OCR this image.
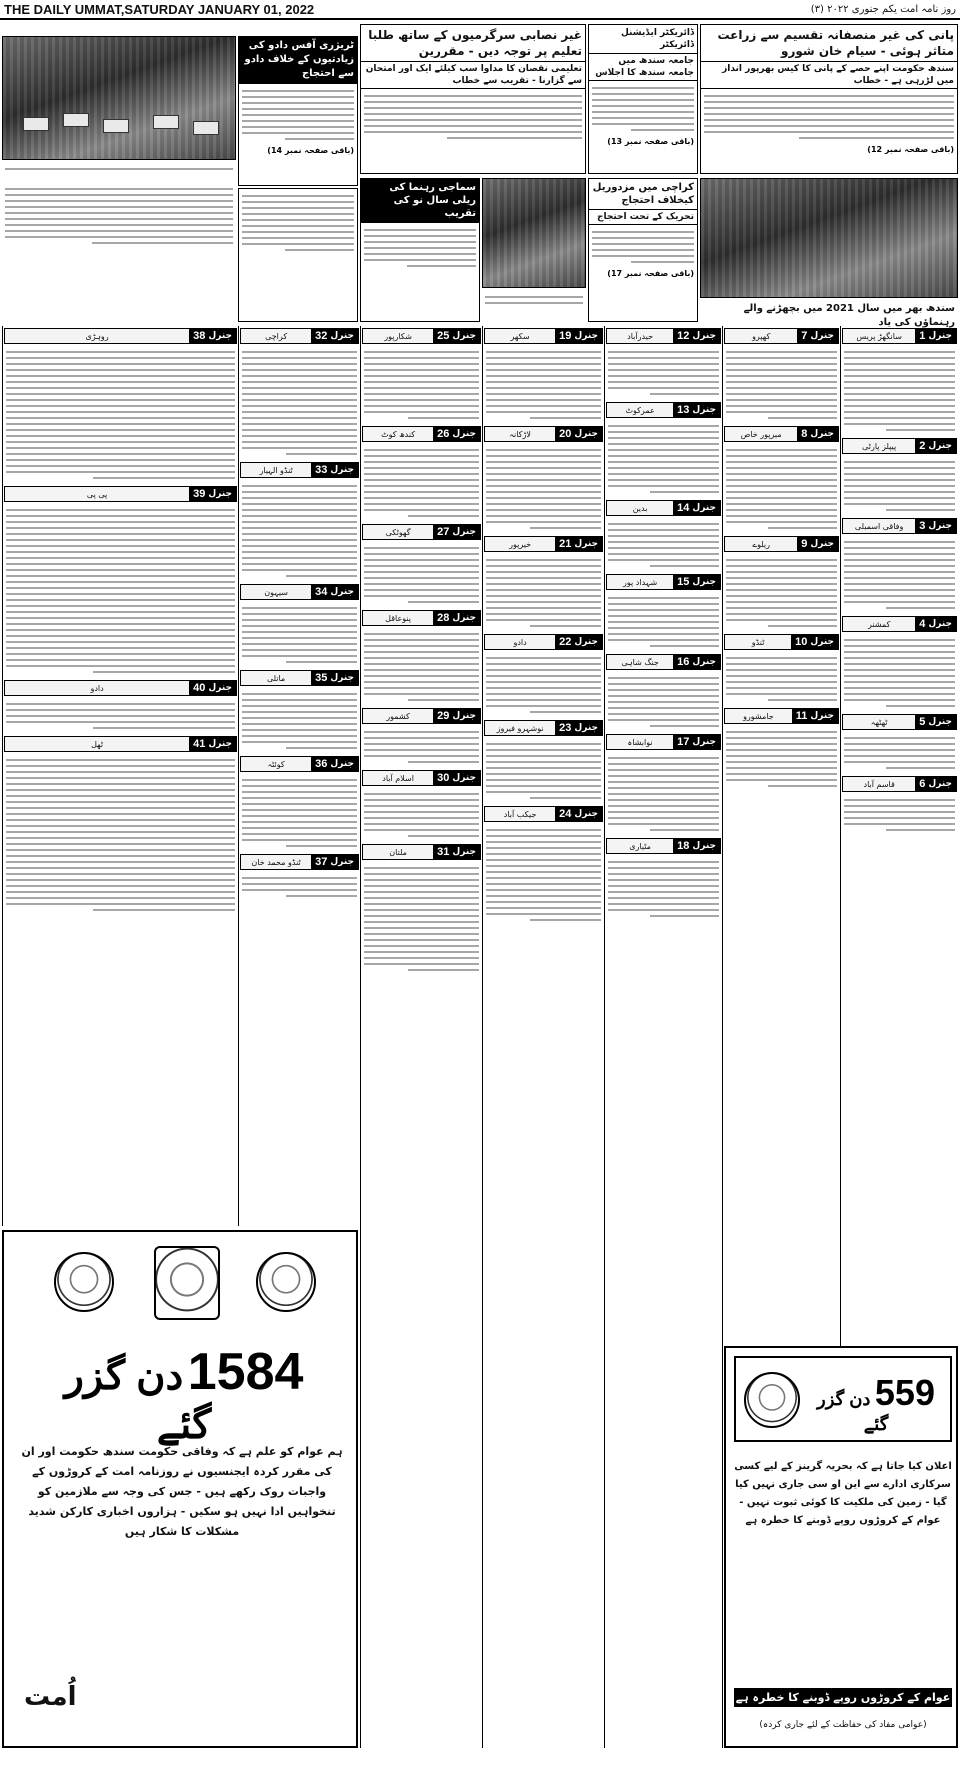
THE DAILY UMMAT,SATURDAY JANUARY 01, 2022	روز نامہ امت یکم جنوری ۲۰۲۲ (۳)
پانی کی غیر منصفانہ تقسیم سے زراعت متاثر ہوئی - سیام خان شورو
سندھ حکومت اپنے حصے کے پانی کا کیس بھرپور انداز میں لڑرہی ہے - خطاب
(باقی صفحہ نمبر 12)
ڈائریکٹر ایڈیشنل ڈائریکٹر
جامعہ سندھ میں جامعہ سندھ کا اجلاس
(باقی صفحہ نمبر 13)
غیر نصابی سرگرمیوں کے ساتھ طلبا تعلیم پر توجہ دیں - مقررین
تعلیمی نقصان کا مداوا سب کیلئے ایک اور امتحان سے گزارنا - تقریب سے خطاب
ٹریژری آفس دادو کی زیادتیوں کے خلاف دادو سے احتجاج
(باقی صفحہ نمبر 14)
سندھ بھر میں سال 2021 میں بچھڑنے والے رہنماؤں کی یاد
کراچی میں مزدوریل کیخلاف احتجاج
تحریک کے تحت احتجاج
(باقی صفحہ نمبر 17)
سماجی رہنما کی ریلی سال نو کی تقریب
جنرل
1
سانگھڑ پریس
جنرل
2
پیپلز پارٹی
جنرل
3
وفاقی اسمبلی
جنرل
4
کمشنر
جنرل
5
ٹھٹھہ
جنرل
6
قاسم آباد
جنرل
7
کھپرو
جنرل
8
میرپور خاص
جنرل
9
ریلوے
جنرل
10
ٹنڈو
جنرل
11
جامشورو
جنرل
12
حیدرآباد
جنرل
13
عمرکوٹ
جنرل
14
بدین
جنرل
15
شہداد پور
جنرل
16
جنگ شاہی
جنرل
17
نوابشاہ
جنرل
18
مٹیاری
جنرل
19
سکھر
جنرل
20
لاڑکانہ
جنرل
21
خیرپور
جنرل
22
دادو
جنرل
23
نوشہرو فیروز
جنرل
24
جیکب آباد
جنرل
25
شکارپور
جنرل
26
کندھ کوٹ
جنرل
27
گھوٹکی
جنرل
28
پنوعاقل
جنرل
29
کشمور
جنرل
30
اسلام آباد
جنرل
31
ملتان
جنرل
32
کراچی
جنرل
33
ٹنڈو الہیار
جنرل
34
سیہون
جنرل
35
ماتلی
جنرل
36
کوئٹہ
جنرل
37
ٹنڈو محمد خان
جنرل
38
روہڑی
جنرل
39
پی پی
جنرل
40
دادو
جنرل
41
ٹھل
1584 دن گزر گئے
ہم عوام کو علم ہے کہ وفاقی حکومت سندھ حکومت اور ان کی مقرر کردہ ایجنسیوں نے روزنامہ امت کے کروڑوں کے واجبات روک رکھے ہیں - جس کی وجہ سے ملازمین کو تنخواہیں ادا نہیں ہو سکیں - ہزاروں اخباری کارکن شدید مشکلات کا شکار ہیں
اُمت
559 دن گزر گئے
اعلان کیا جاتا ہے کہ بحریہ گرینز کے لیے کسی سرکاری ادارے سے این او سی جاری نہیں کیا گیا - زمین کی ملکیت کا کوئی ثبوت نہیں - عوام کے کروڑوں روپے ڈوبنے کا خطرہ ہے
عوام کے کروڑوں روپے ڈوبنے کا خطرہ ہے
(عوامی مفاد کی حفاظت کے لئے جاری کردہ)
